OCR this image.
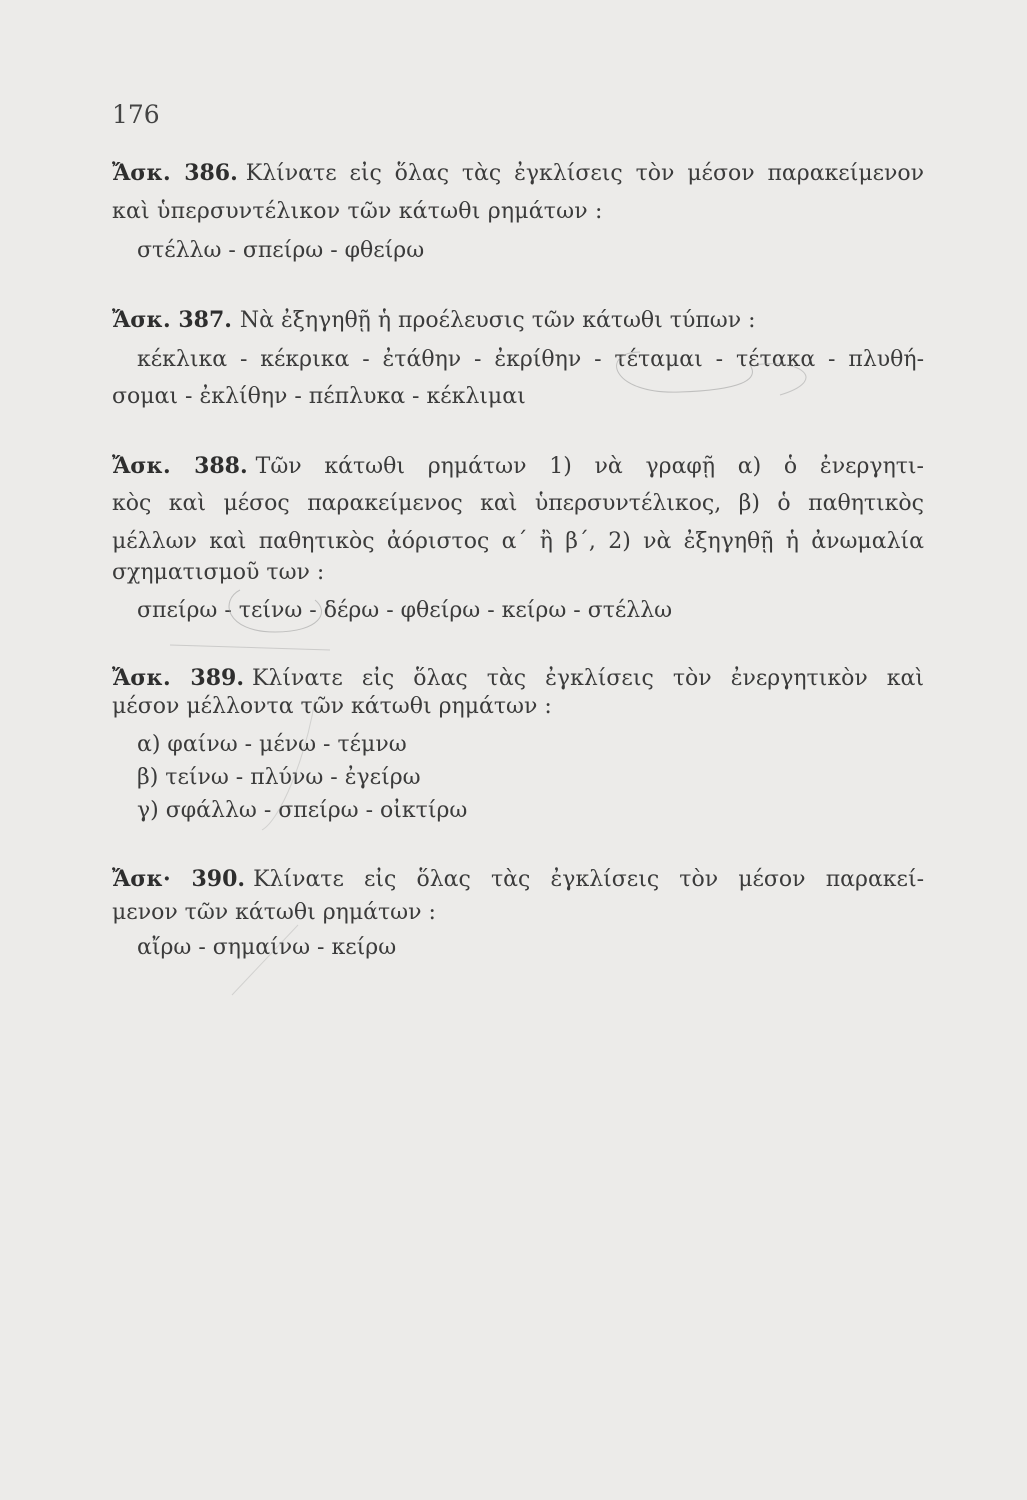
176
Ἄσκ. 386. Κλίνατε εἰς ὅλας τὰς ἐγκλίσεις τὸν μέσον παρακείμενον
καὶ ὑπερσυντέλικον τῶν κάτωθι ρημάτων :
στέλλω - σπείρω - φθείρω
Ἄσκ. 387. Νὰ ἐξηγηθῇ ἡ προέλευσις τῶν κάτωθι τύπων :
κέκλικα - κέκρικα - ἐτάθην - ἐκρίθην - τέταμαι - τέτακα - πλυθή-
σομαι - ἐκλίθην - πέπλυκα - κέκλιμαι
Ἄσκ. 388. Τῶν κάτωθι ρημάτων 1) νὰ γραφῇ α) ὁ ἐνεργητι-
κὸς καὶ μέσος παρακείμενος καὶ ὑπερσυντέλικος, β) ὁ παθητικὸς
μέλλων καὶ παθητικὸς ἀόριστος α΄ ἢ β΄, 2) νὰ ἐξηγηθῇ ἡ ἀνωμαλία
σχηματισμοῦ των :
σπείρω - τείνω - δέρω - φθείρω - κείρω - στέλλω
Ἄσκ. 389. Κλίνατε εἰς ὅλας τὰς ἐγκλίσεις τὸν ἐνεργητικὸν καὶ
μέσον μέλλοντα τῶν κάτωθι ρημάτων :
α) φαίνω - μένω - τέμνω
β) τείνω - πλύνω - ἐγείρω
γ) σφάλλω - σπείρω - οἰκτίρω
Ἄσκ· 390. Κλίνατε εἰς ὅλας τὰς ἐγκλίσεις τὸν μέσον παρακεί-
μενον τῶν κάτωθι ρημάτων :
αἴρω - σημαίνω - κείρω
